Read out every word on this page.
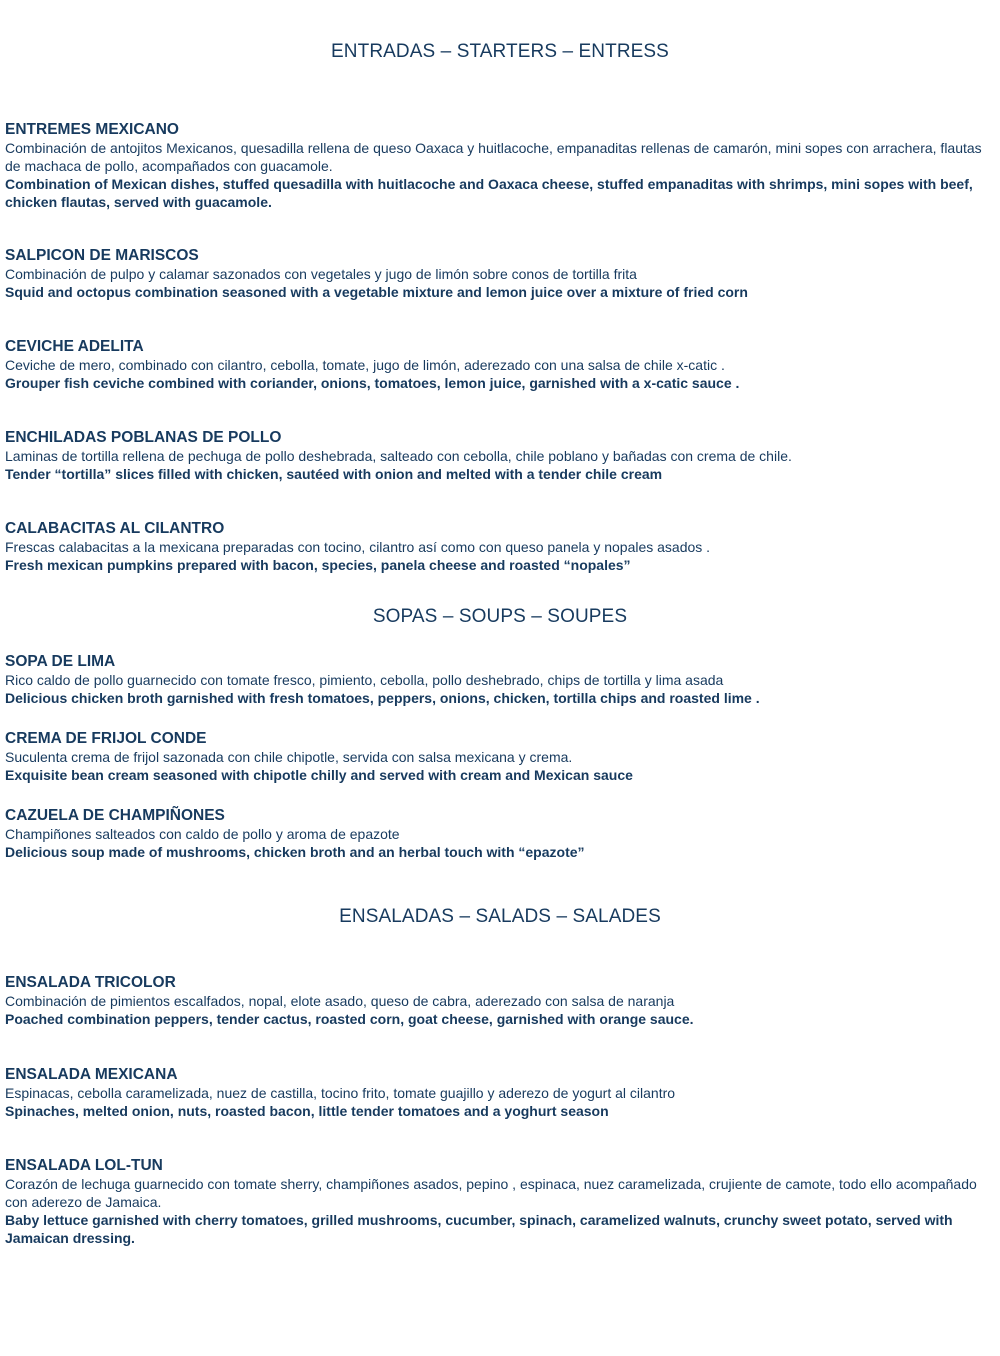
ENTRADAS – STARTERS – ENTRESS

ENTREMES MEXICANO

Combinación de antojitos Mexicanos, quesadilla rellena de queso Oaxaca y huitlacoche, empanaditas rellenas de camarón, mini sopes con arrachera, flautas de machaca de pollo, acompañados con guacamole.

Combination of Mexican dishes, stuffed quesadilla with huitlacoche and Oaxaca cheese, stuffed empanaditas with shrimps, mini sopes with beef, chicken flautas, served with guacamole.

SALPICON DE MARISCOS

Combinación de pulpo y calamar sazonados con vegetales y jugo de limón sobre conos de tortilla frita

Squid and octopus combination seasoned with a vegetable mixture and lemon juice over a mixture of fried corn

CEVICHE ADELITA

Ceviche de mero, combinado con cilantro, cebolla, tomate, jugo de limón, aderezado con una salsa de chile x-catic .

Grouper fish ceviche combined with coriander, onions, tomatoes, lemon juice, garnished with a x-catic sauce .

ENCHILADAS POBLANAS DE POLLO

Laminas de tortilla rellena de pechuga de pollo deshebrada, salteado con cebolla, chile poblano y bañadas con crema de chile.

Tender “tortilla” slices filled with chicken, sautéed with onion and melted with a tender chile cream

CALABACITAS AL CILANTRO

Frescas calabacitas a la mexicana preparadas con tocino, cilantro así como con queso panela y nopales asados .

Fresh mexican pumpkins prepared with bacon, species, panela cheese and roasted “nopales”

SOPAS – SOUPS – SOUPES

SOPA DE LIMA

Rico caldo de pollo guarnecido con tomate fresco, pimiento, cebolla, pollo deshebrado, chips de tortilla y lima asada

Delicious chicken broth garnished with fresh tomatoes, peppers, onions, chicken, tortilla chips and roasted lime .

CREMA DE FRIJOL CONDE

Suculenta crema de frijol sazonada con chile chipotle, servida con salsa mexicana y crema.

Exquisite bean cream seasoned with chipotle chilly and served with cream and Mexican sauce

CAZUELA DE CHAMPIÑONES

Champiñones salteados con caldo de pollo y aroma de epazote

Delicious soup made of mushrooms, chicken broth and an herbal touch with “epazote”

ENSALADAS – SALADS – SALADES

ENSALADA TRICOLOR

Combinación de pimientos escalfados, nopal, elote asado, queso de cabra, aderezado con salsa de naranja

Poached combination peppers, tender cactus, roasted corn, goat cheese, garnished with orange sauce.

ENSALADA MEXICANA

Espinacas, cebolla caramelizada, nuez de castilla, tocino frito, tomate guajillo y aderezo de yogurt al cilantro

Spinaches, melted onion, nuts, roasted bacon, little tender tomatoes and a yoghurt season

ENSALADA LOL-TUN

Corazón de lechuga guarnecido con tomate sherry, champiñones asados, pepino , espinaca, nuez caramelizada, crujiente de camote, todo ello acompañado con aderezo de Jamaica.

Baby lettuce garnished with cherry tomatoes, grilled mushrooms, cucumber, spinach, caramelized walnuts, crunchy sweet potato, served with Jamaican dressing.
